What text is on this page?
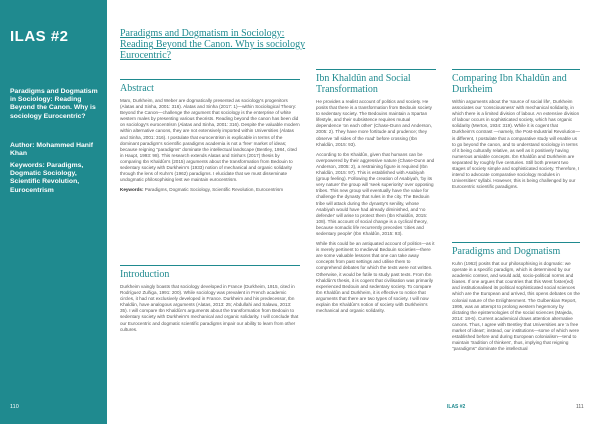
ILAS #2
Paradigms and Dogmatism in Sociology: Reading Beyond the Canon. Why is sociology Eurocentric?
Author: Mohammed Hanif Khan
Keywords: Paradigms, Dogmatic Sociology, Scientific Revolution, Eurocentrism
110
Paradigms and Dogmatism in Sociology: Reading Beyond the Canon. Why is sociology Eurocentric?
Abstract

Marx, Durkheim, and Weber are dogmatically presented as sociology's progenitors (Alatas and Sinha, 2001: 316). Alatas and Sinha (2017: 1)—within Sociological Theory: Beyond the Canon—challenge the argument that sociology is the enterprise of white western males by presenting various theorists. Reading beyond the canon has been did on sociology's eurocentrism (Alatas and Sinha, 2001: 316). Despite the valuable modern within alternative canons, they are not extensively imported within Universities (Alatas and Sinha, 2001: 316). I postulate that eurocentrism is explicable in terms of the dominant paradigm's scientific paradigms academia is not a 'free' market of ideas; because reigning "paradigms" dominate the intellectual landscape (Bentley, 1984, cited in Haupt, 1993: 98). This research extends Alatas and Sinha's (2017) thesis by comparing Ibn Khaldûn's (2015) arguments about the transformation from Bedouin to sedentary society with Durkheim's (1933) notion of mechanical and organic solidarity through the lens of Kuhn's (1962) paradigms. I elucidate that we must disseminate undogmatic philosophising lest we maintain eurocentrism.

Keywords: Paradigms, Dogmatic Sociology, Scientific Revolution, Eurocentrism
Introduction

Durkheim vaingly boasts that sociology developed in France (Durkheim, 1915, cited in Rodríguez Zuñiga, 1991: 200). While sociology was prevalent in French academic circles, it had not exclusively developed in France. Durkheim and his predecessor, Ibn Khaldûn, have analogous arguments (Alatas, 2013: 25; Abdullahi and Salawu, 2013: 35). I will compare Ibn Khaldûn's arguments about the transformation from Bedouin to sedentary society with Durkheim's mechanical and organic solidarity. I will conclude that our Eurocentric and dogmatic scientific paradigms impair our ability to learn from other cultures.

Ibn Khaldûn and Social Transformation

He provides a realist account of politics and society. He posits that there is a transformation from Bedouin society to sedentary society. The Bedouins maintain a Spartan lifestyle, and their subsistence requires mutual dependence 'on each other' (Chase-Dunn and Anderson, 2005: 2). They have more fortitude and prudence; they observe 'all sides of the road' before crossing (Ibn Khaldûn, 2015: 93).

According to Ibn Khaldûn, given that humans can be overpowered by their aggressive nature (Chase-Dunn and Anderson, 2005: 2), a restraining figure is required (Ibn Khaldûn, 2015: 97). This is established with Asabiyah (group feeling). Following the creation of Asabiyah, 'by its very nature' the group will 'seek superiority' over opposing tribes. This new group will eventually have the value for challenge the dynasty that rules in the city. The Bedouin tribe will attack during the dynasty's senility, whose Asabiyah would have had already diminished, and 'no defender' will arise to protect them (Ibn Khaldûn, 2015: 108). This account of social change is a cyclical theory, because nomadic life recurrently precedes 'cities and sedentary people' (Ibn Khaldûn, 2015: 93).

While this could be an antiquated account of politics—as it is merely pertinent to medieval Bedouin societies—there are some valuable lessons that one can take away concepts from past settings and utilise them to comprehend debates for which the texts were not written. Otherwise, it would be futile to study past texts. From Ibn Khaldûn's thesis, it is cogent that civilisation was primarily experienced Bedouin and sedentary society. To compare Ibn Khaldûn and Durkheim, it is effective to notice that arguments that there are two types of society. I will now explain Ibn Khaldûn's notion of society with Durkheim's mechanical and organic solidarity.

Comparing Ibn Khaldûn and Durkheim

Within arguments about the 'source of social life', Durkheim associates our 'consciousness' with mechanical solidarity, in which there is a limited division of labour. An extensive division of labour occurs in sophisticated society, which has organic solidarity (Merton, 1934: 319). While it is cogent that Durkheim's contrast —namely, the Post-Industrial Revolution—is different, I postulate that a comparative study will enable us to go beyond the canon, and to understand sociology in terms of it being culturally relative, as well as it positively having numerous amiable concepts. Ibn Khaldûn and Durkheim are separated by roughly five centuries. Still both present two stages of society simple and sophisticated society. Therefore, I intend to advocate comparative sociology modules in Universities' syllabi. However, this is being challenged by our Eurocentric scientific paradigms.

Paradigms and Dogmatism

Kuhn (1962) posits that our philosophising is dogmatic: we operate in a specific paradigm, which is determined by our academic context, and would add, socio-political norms and biases. If one argues that countries that this West foster(ed) and institutionalised its political sophisticated social sciences which are the European and arrived, this opens debates on the colonial nature of the Enlightenment. The Gulbenkian Report, 1995, was an attempt to prolong western hegemony by dictating the epistemologies of the social sciences (Majeda, 2014: 18-6). Current academical draws attention alternative canons. Thus, I agree with Bentley that Universities are 'a free market of ideas'; instead, our institutions—some of which were established before and during European colonialism—tend to maintain 'tradition of thinkers', thus, implying that reigning "paradigms" dominate the intellectual

ILAS #2	111
